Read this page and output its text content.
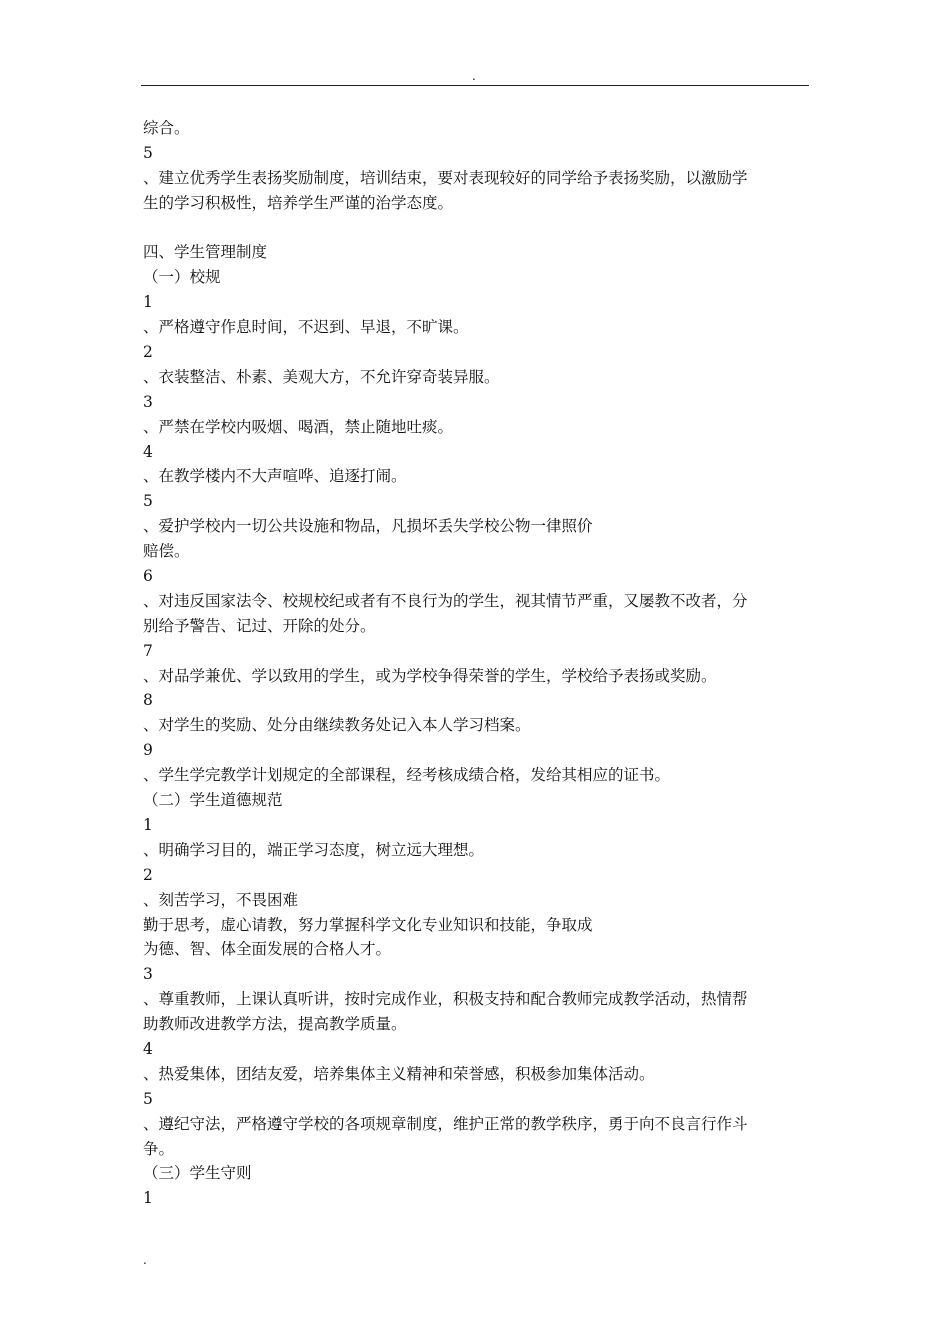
.
综合。
5
、建立优秀学生表扬奖励制度，培训结束，要对表现较好的同学给予表扬奖励，以激励学
生的学习积极性，培养学生严谨的治学态度。
四、学生管理制度
（一）校规
1
、严格遵守作息时间，不迟到、早退，不旷课。
2
、衣装整洁、朴素、美观大方，不允许穿奇装异服。
3
、严禁在学校内吸烟、喝酒，禁止随地吐痰。
4
、在教学楼内不大声喧哗、追逐打闹。
5
、爱护学校内一切公共设施和物品，凡损坏丢失学校公物一律照价
赔偿。
6
、对违反国家法令、校规校纪或者有不良行为的学生，视其情节严重，又屡教不改者，分
别给予警告、记过、开除的处分。
7
、对品学兼优、学以致用的学生，或为学校争得荣誉的学生，学校给予表扬或奖励。
8
、对学生的奖励、处分由继续教务处记入本人学习档案。
9
、学生学完教学计划规定的全部课程，经考核成绩合格，发给其相应的证书。
（二）学生道德规范
1
、明确学习目的，端正学习态度，树立远大理想。
2
、刻苦学习，不畏困难
勤于思考，虚心请教，努力掌握科学文化专业知识和技能，争取成
为德、智、体全面发展的合格人才。
3
、尊重教师，上课认真听讲，按时完成作业，积极支持和配合教师完成教学活动，热情帮
助教师改进教学方法，提高教学质量。
4
、热爱集体，团结友爱，培养集体主义精神和荣誉感，积极参加集体活动。
5
、遵纪守法，严格遵守学校的各项规章制度，维护正常的教学秩序，勇于向不良言行作斗
争。
（三）学生守则
1
.
